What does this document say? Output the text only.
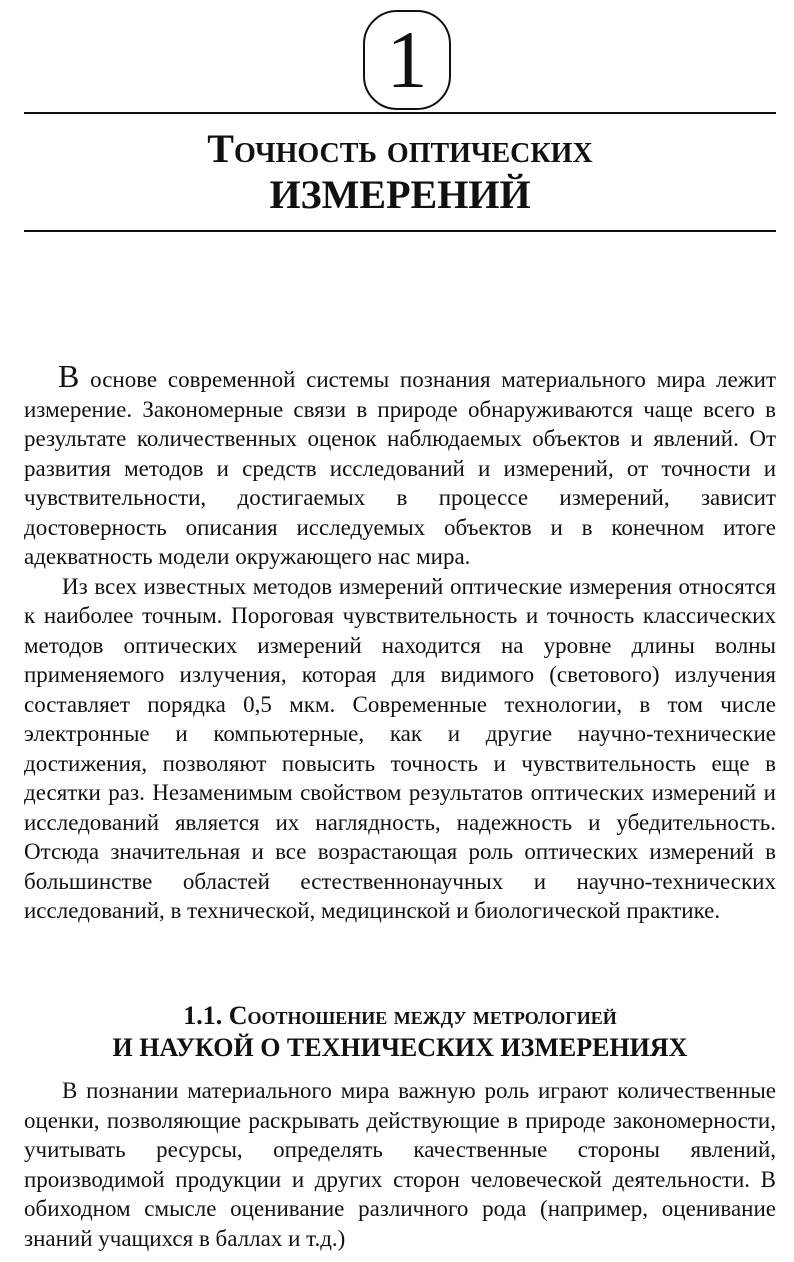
1
Точность оптических
ИЗМЕРЕНИЙ

В основе современной системы познания материального мира лежит измерение. Закономерные связи в природе обнаруживаются чаще всего в результате количественных оценок наблюдаемых объектов и явлений. От развития методов и средств исследований и измерений, от точности и чувствительности, достигаемых в процессе измерений, зависит достоверность описания исследуемых объектов и в конечном итоге адекватность модели окружающего нас мира.

Из всех известных методов измерений оптические измерения относятся к наиболее точным. Пороговая чувствительность и точность классических методов оптических измерений находится на уровне длины волны применяемого излучения, которая для видимого (светового) излучения составляет порядка 0,5 мкм. Современные технологии, в том числе электронные и компьютерные, как и другие научно-технические достижения, позволяют повысить точность и чувствительность еще в десятки раз. Незаменимым свойством результатов оптических измерений и исследований является их наглядность, надежность и убедительность. Отсюда значительная и все возрастающая роль оптических измерений в большинстве областей естественнонаучных и научно-технических исследований, в технической, медицинской и биологической практике.

1.1. Соотношение между метрологией
И НАУКОЙ О ТЕХНИЧЕСКИХ ИЗМЕРЕНИЯХ

В познании материального мира важную роль играют количественные оценки, позволяющие раскрывать действующие в природе закономерности, учитывать ресурсы, определять качественные стороны явлений, производимой продукции и других сторон человеческой деятельности. В обиходном смысле оценивание различного рода (например, оценивание знаний учащихся в баллах и т.д.)
